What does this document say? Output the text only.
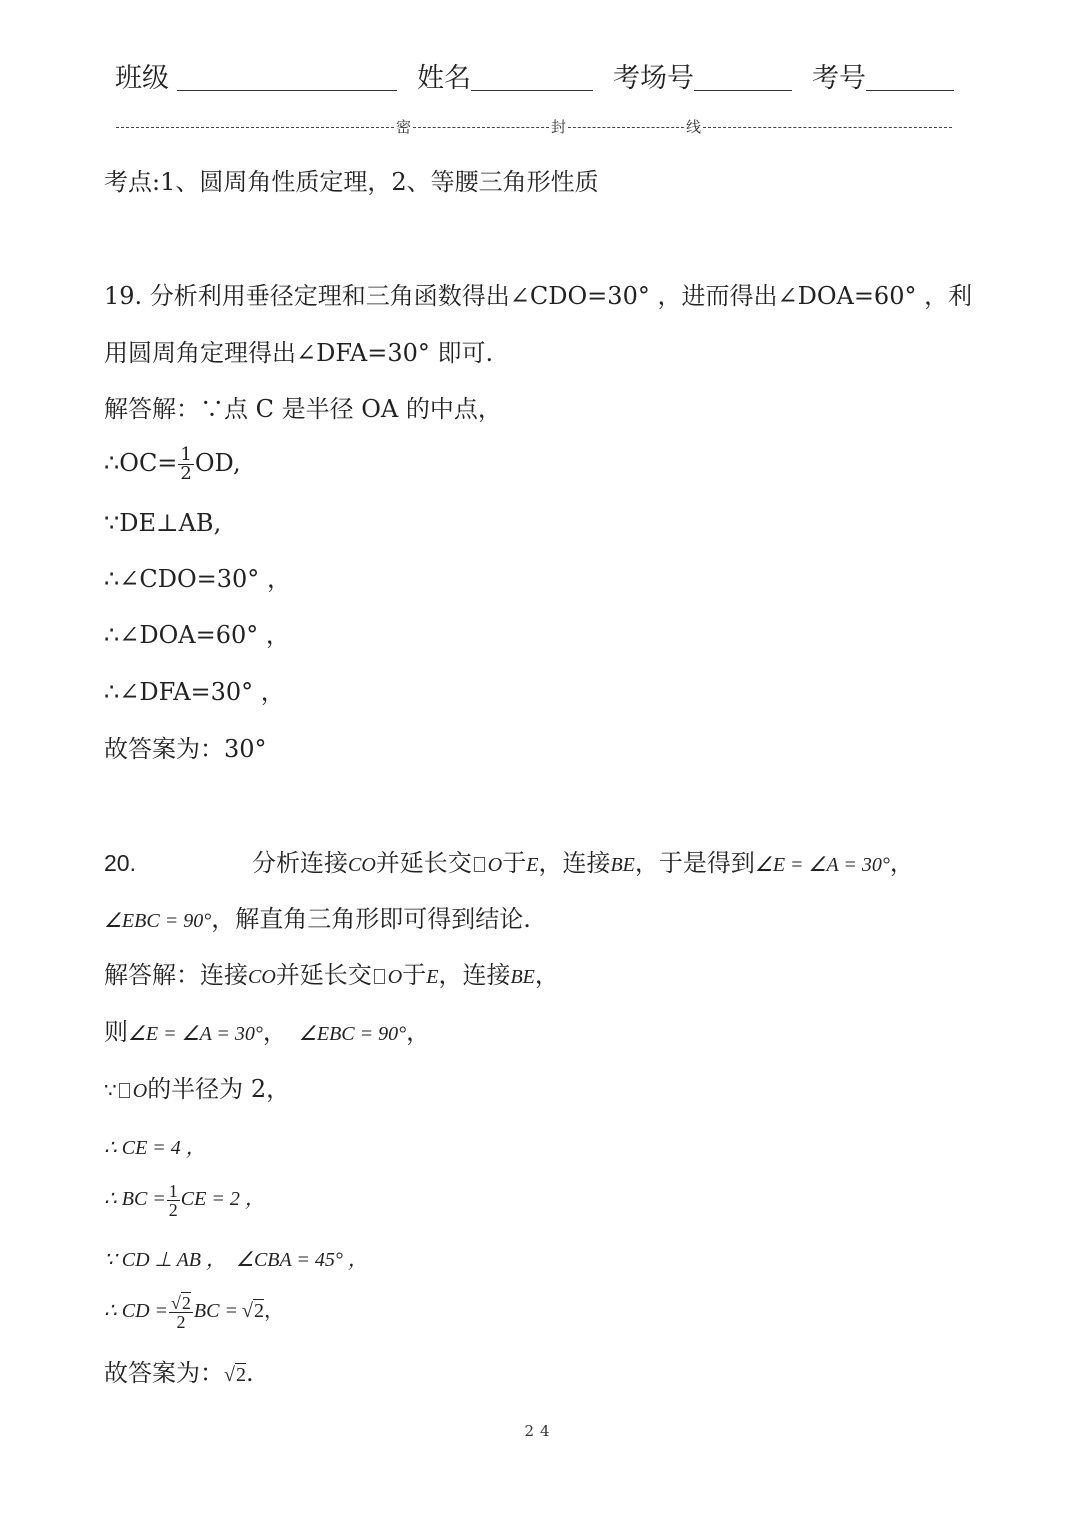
班级	姓名	考场号	考号
密	封	线
考点:1、圆周角性质定理，2、等腰三角形性质
19. 分析利用垂径定理和三角函数得出∠CDO=30° ，进而得出∠DOA=60° ，利
用圆周角定理得出∠DFA=30° 即可.
解答解：∵点 C 是半径 OA 的中点，
∴OC= $\frac{1}{2}$ OD,
∵DE⊥AB,
∴∠CDO=30° ，
∴∠DOA=60° ，
∴∠DFA=30° ，
故答案为：30°
20.	分析连接CO并延长交 O于E，连接BE，于是得到∠E = ∠A = 30°，
∠EBC = 90°，解直角三角形即可得到结论.
解答解：连接CO并延长交 O于E，连接BE，
则∠E = ∠A = 30°， ∠EBC = 90°，
∵ O的半径为 2，
∴ CE = 4 ，
∴ BC = $\frac{1}{2}$ CE = 2 ，
∵ CD ⊥ AB ， ∠CBA = 45° ，
∴ CD = $\frac{√2}{2}$ BC = √2，
故答案为：√2.
24
